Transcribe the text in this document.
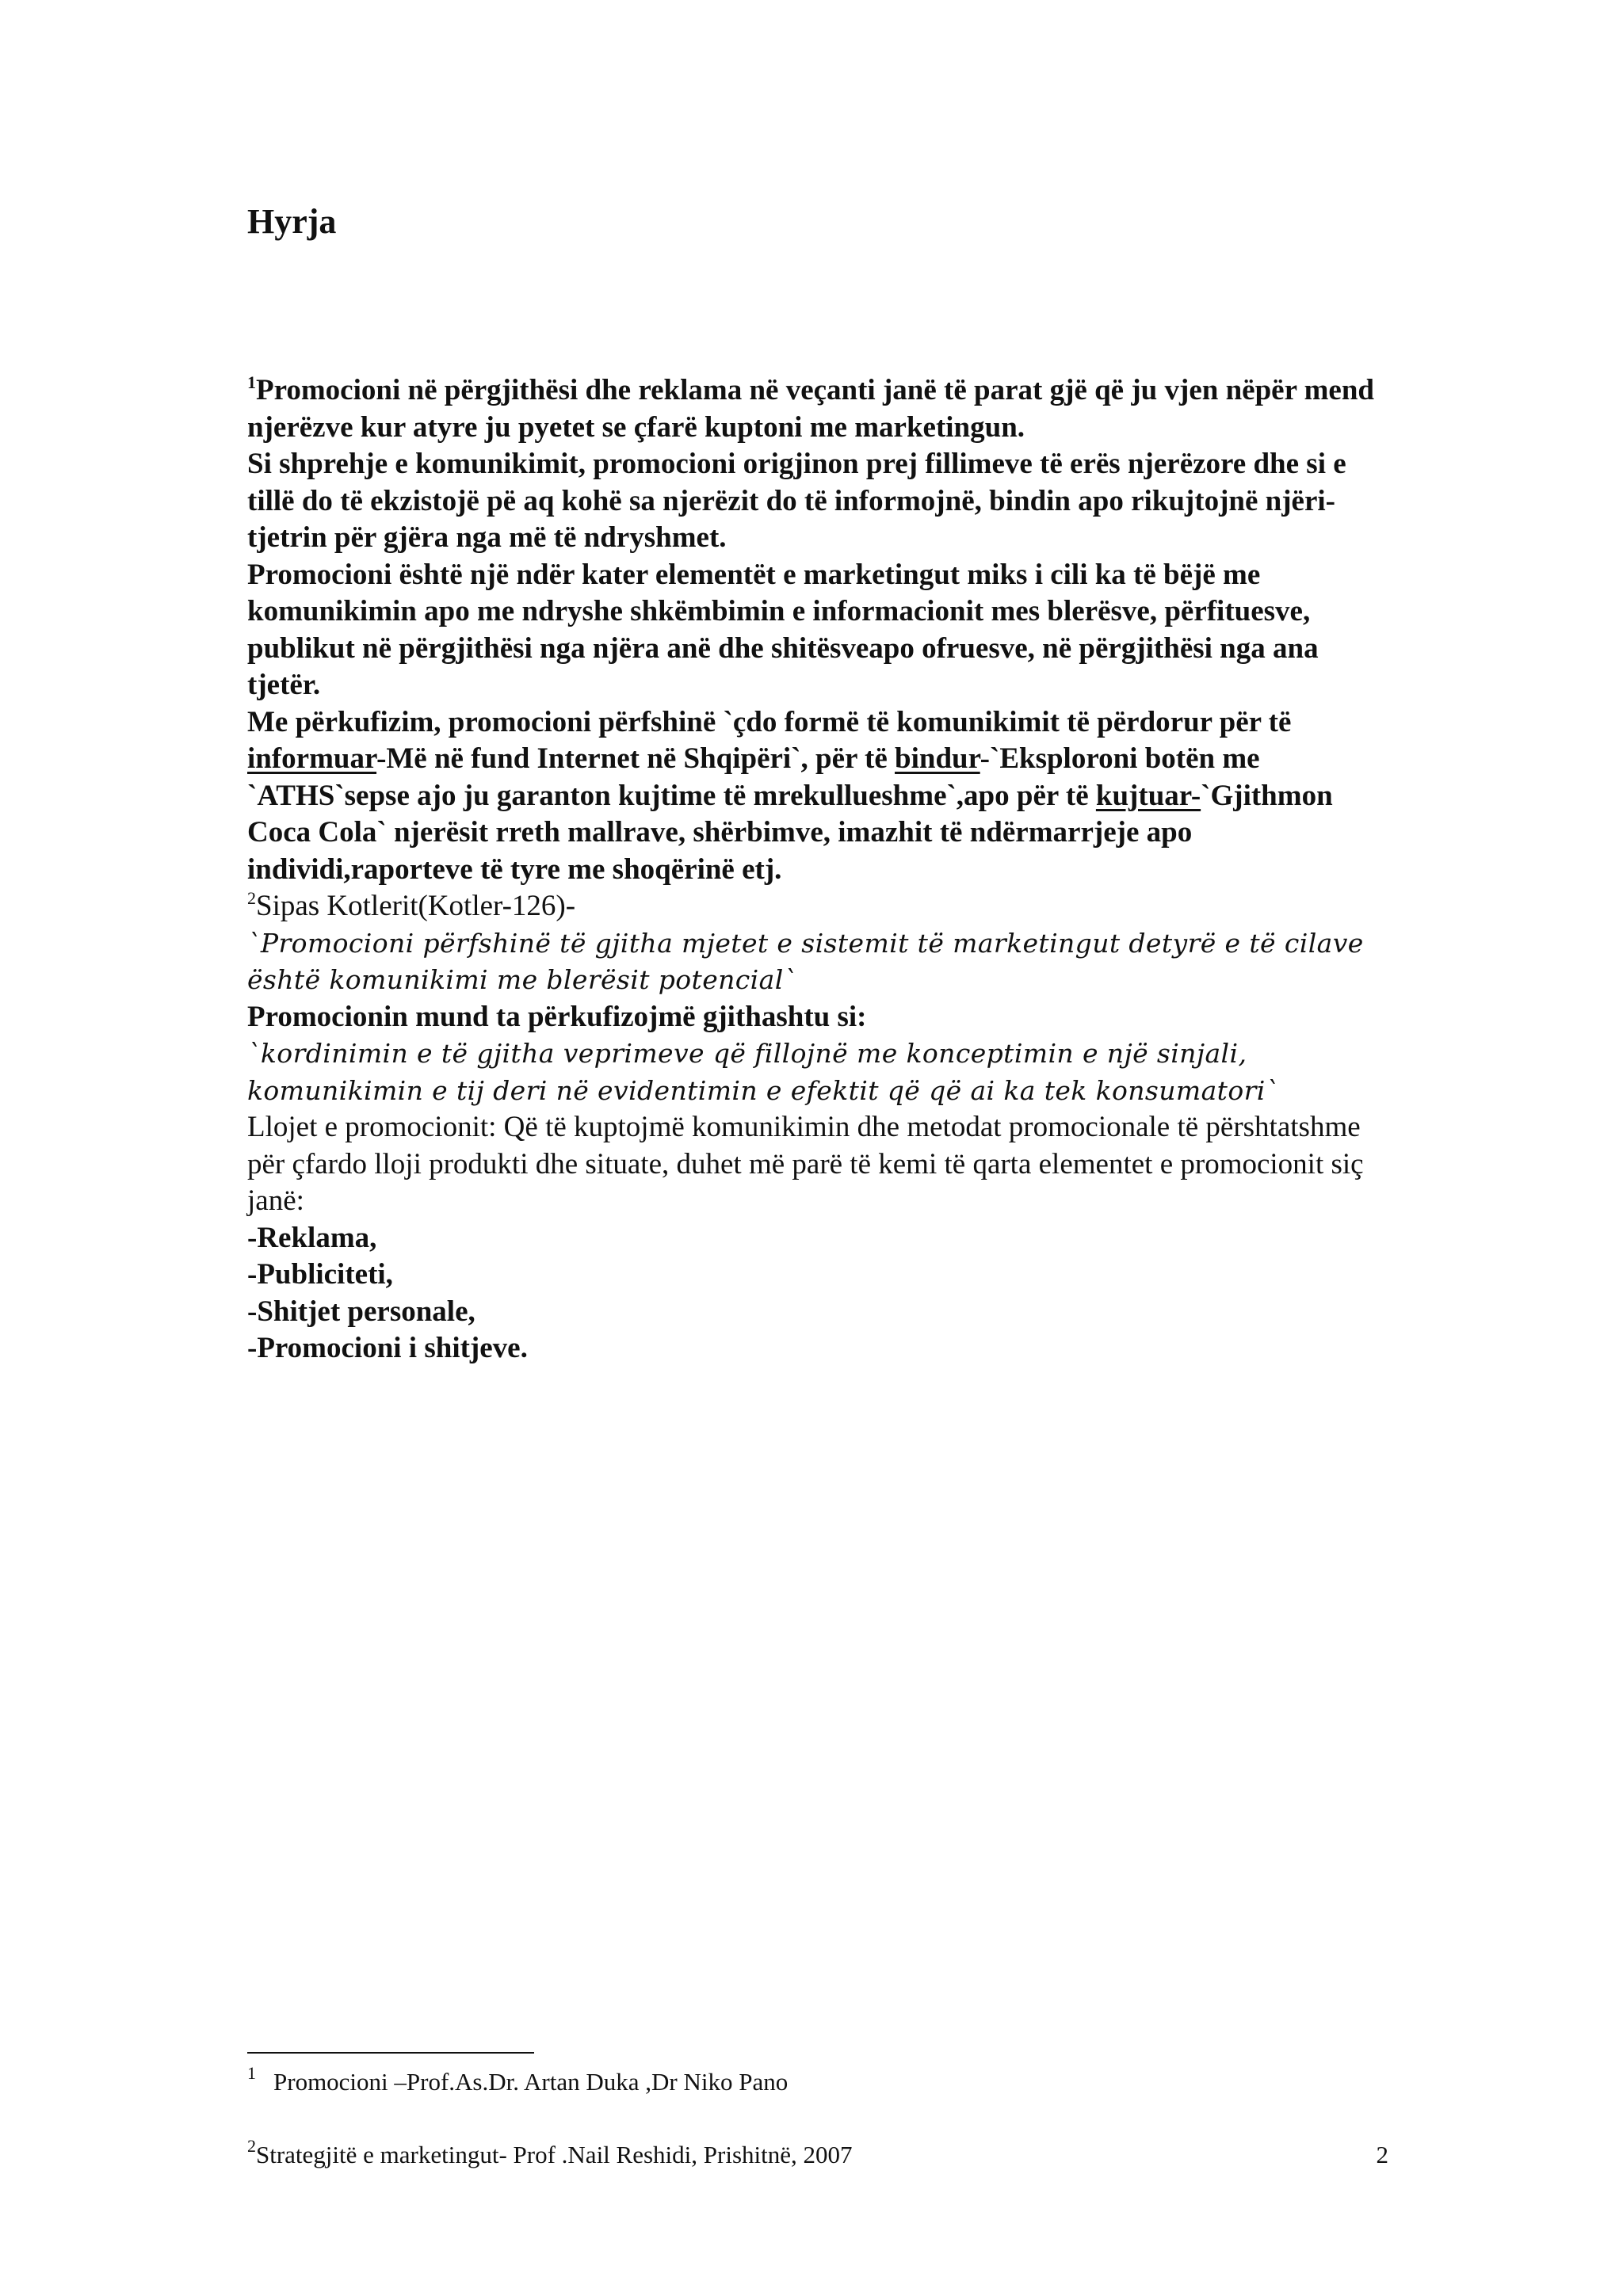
Hyrja

$^1$Promocioni në përgjithësi dhe reklama në veçanti janë të parat gjë që ju vjen nëpër mend njerëzve kur atyre ju pyetet se çfarë kuptoni me marketingun.

Si shprehje e komunikimit, promocioni origjinon prej fillimeve të erës njerëzore dhe si e tillë do të ekzistojë pë aq kohë sa njerëzit do të informojnë, bindin apo rikujtojnë njëri-tjetrin për gjëra nga më të ndryshmet.

Promocioni është një ndër kater elementët e marketingut miks i cili ka të bëjë me komunikimin apo me ndryshe shkëmbimin e informacionit mes blerësve, përfituesve, publikut në përgjithësi nga njëra anë dhe shitësveapo ofruesve, në përgjithësi nga ana tjetër.

Me përkufizim, promocioni përfshinë `çdo formë të komunikimit të përdorur për të informuar-Më në fund Internet në Shqipëri`, për të bindur-`Eksploroni botën me `ATHS`sepse ajo ju garanton kujtime të mrekullueshme`,apo për të kujtuar-`Gjithmon Coca Cola` njerësit rreth mallrave, shërbimve, imazhit të ndërmarrjeje apo individi,raporteve të tyre me shoqërinë etj.

$^2$Sipas Kotlerit(Kotler-126)-

`Promocioni përfshinë të gjitha mjetet e sistemit të marketingut detyrë e të cilave është komunikimi me blerësit potencial`

Promocionin mund ta përkufizojmë gjithashtu si:

`kordinimin e të gjitha veprimeve që fillojnë me konceptimin e një sinjali, komunikimin e tij deri në evidentimin e efektit që që ai ka tek konsumatori`

Llojet e promocionit: Që të kuptojmë komunikimin dhe metodat promocionale të përshtatshme për çfardo lloji produkti dhe situate, duhet më parë të kemi të qarta elementet e promocionit siç janë:

-Reklama,

-Publiciteti,

-Shitjet personale,

-Promocioni i shitjeve.

$^1$ Promocioni –Prof.As.Dr. Artan Duka ,Dr Niko Pano
$^2$Strategjitë e marketingut- Prof .Nail Reshidi, Prishitnë, 2007	2
